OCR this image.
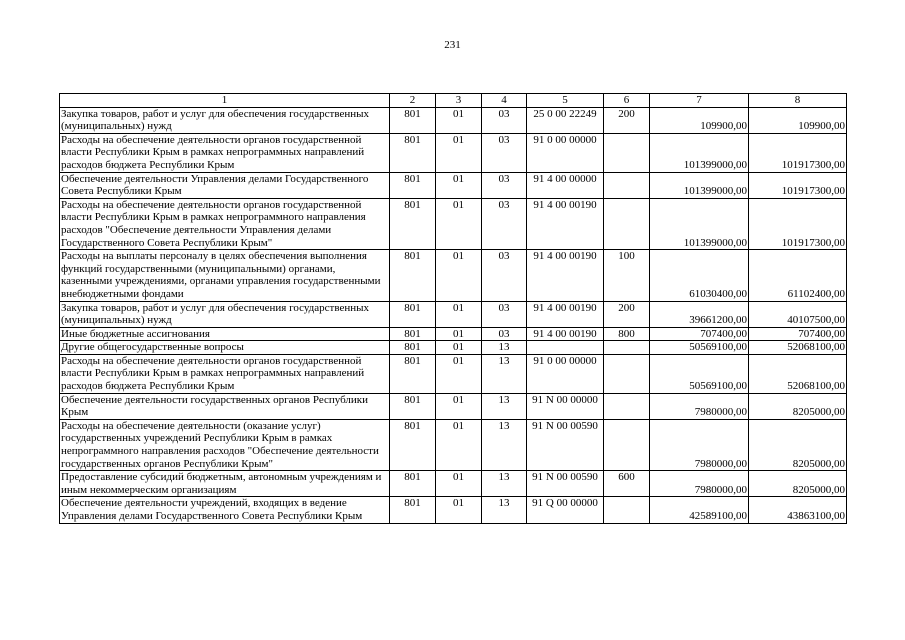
231
1	2	3	4	5	6	7	8
Закупка товаров, работ и услуг для обеспечения государственных (муниципальных) нужд	801	01	03	25 0 00 22249	200	109900,00	109900,00
Расходы на обеспечение деятельности органов государственной власти Республики Крым в рамках непрограммных направлений расходов бюджета Республики Крым	801	01	03	91 0 00 00000		101399000,00	101917300,00
Обеспечение деятельности Управления делами Государственного Совета Республики Крым	801	01	03	91 4 00 00000		101399000,00	101917300,00
Расходы на обеспечение деятельности органов государственной власти Республики Крым в рамках непрограммного направления расходов "Обеспечение деятельности Управления делами Государственного Совета Республики Крым"	801	01	03	91 4 00 00190		101399000,00	101917300,00
Расходы на выплаты персоналу в целях обеспечения выполнения функций государственными (муниципальными) органами, казенными учреждениями, органами управления государственными внебюджетными фондами	801	01	03	91 4 00 00190	100	61030400,00	61102400,00
Закупка товаров, работ и услуг для обеспечения государственных (муниципальных) нужд	801	01	03	91 4 00 00190	200	39661200,00	40107500,00
Иные бюджетные ассигнования	801	01	03	91 4 00 00190	800	707400,00	707400,00
Другие общегосударственные вопросы	801	01	13			50569100,00	52068100,00
Расходы на обеспечение деятельности органов государственной власти Республики Крым в рамках непрограммных направлений расходов бюджета Республики Крым	801	01	13	91 0 00 00000		50569100,00	52068100,00
Обеспечение деятельности государственных органов Республики Крым	801	01	13	91 N 00 00000		7980000,00	8205000,00
Расходы на обеспечение деятельности (оказание услуг) государственных учреждений Республики Крым в рамках непрограммного направления расходов "Обеспечение деятельности государственных органов Республики Крым"	801	01	13	91 N 00 00590		7980000,00	8205000,00
Предоставление субсидий бюджетным, автономным учреждениям и иным некоммерческим организациям	801	01	13	91 N 00 00590	600	7980000,00	8205000,00
Обеспечение деятельности учреждений, входящих в ведение Управления делами Государственного Совета Республики Крым	801	01	13	91 Q 00 00000		42589100,00	43863100,00
